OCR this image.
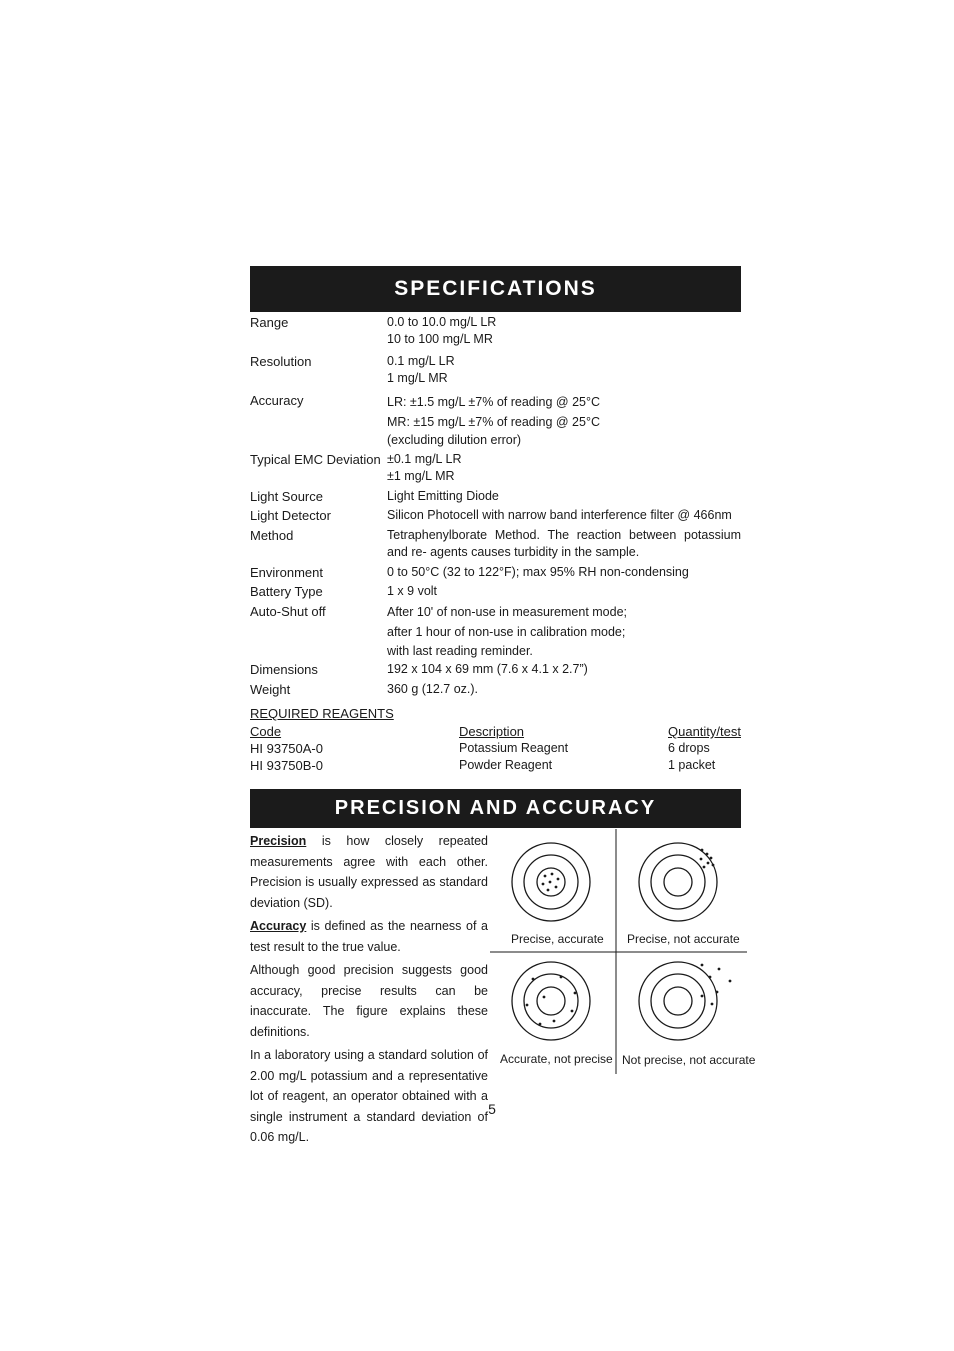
SPECIFICATIONS
Range	0.0 to 10.0 mg/L LR
10 to 100 mg/L MR
Resolution	0.1 mg/L LR
1 mg/L MR
Accuracy	LR: ±1.5 mg/L ±7% of reading @ 25°C
MR: ±15 mg/L ±7% of reading @ 25°C
(excluding dilution error)
Typical EMC Deviation ±0.1 mg/L LR
±1 mg/L MR
Light Source	Light Emitting Diode
Light Detector	Silicon Photocell with narrow band interference filter @ 466nm
Method	Tetraphenylborate Method. The reaction between potassium and re- agents causes turbidity in the sample.
Environment	0 to 50°C (32 to 122°F); max 95% RH non-condensing
Battery Type	1 x 9 volt
Auto-Shut off	After 10' of non-use in measurement mode;
after 1 hour of non-use in calibration mode;
with last reading reminder.
Dimensions	192 x 104 x 69 mm (7.6 x 4.1 x 2.7”)
Weight	360 g (12.7 oz.).
REQUIRED REAGENTS
Code	Description	Quantity/test
HI 93750A-0	Potassium Reagent	6 drops
HI 93750B-0	Powder Reagent	1 packet
PRECISION AND ACCURACY

Precision is how closely repeated measurements agree with each other. Precision is usually expressed as standard deviation (SD).

Accuracy is defined as the nearness of a test result to the true value.

Although good precision suggests good accuracy, precise results can be inaccurate. The figure explains these definitions.

In a laboratory using a standard solution of 2.00 mg/L potassium and a representative lot of reagent, an operator obtained with a single instrument a standard deviation of 0.06 mg/L.

Precise, accurate Precise, not accurate
Accurate, not precise Not precise, not accurate
5
